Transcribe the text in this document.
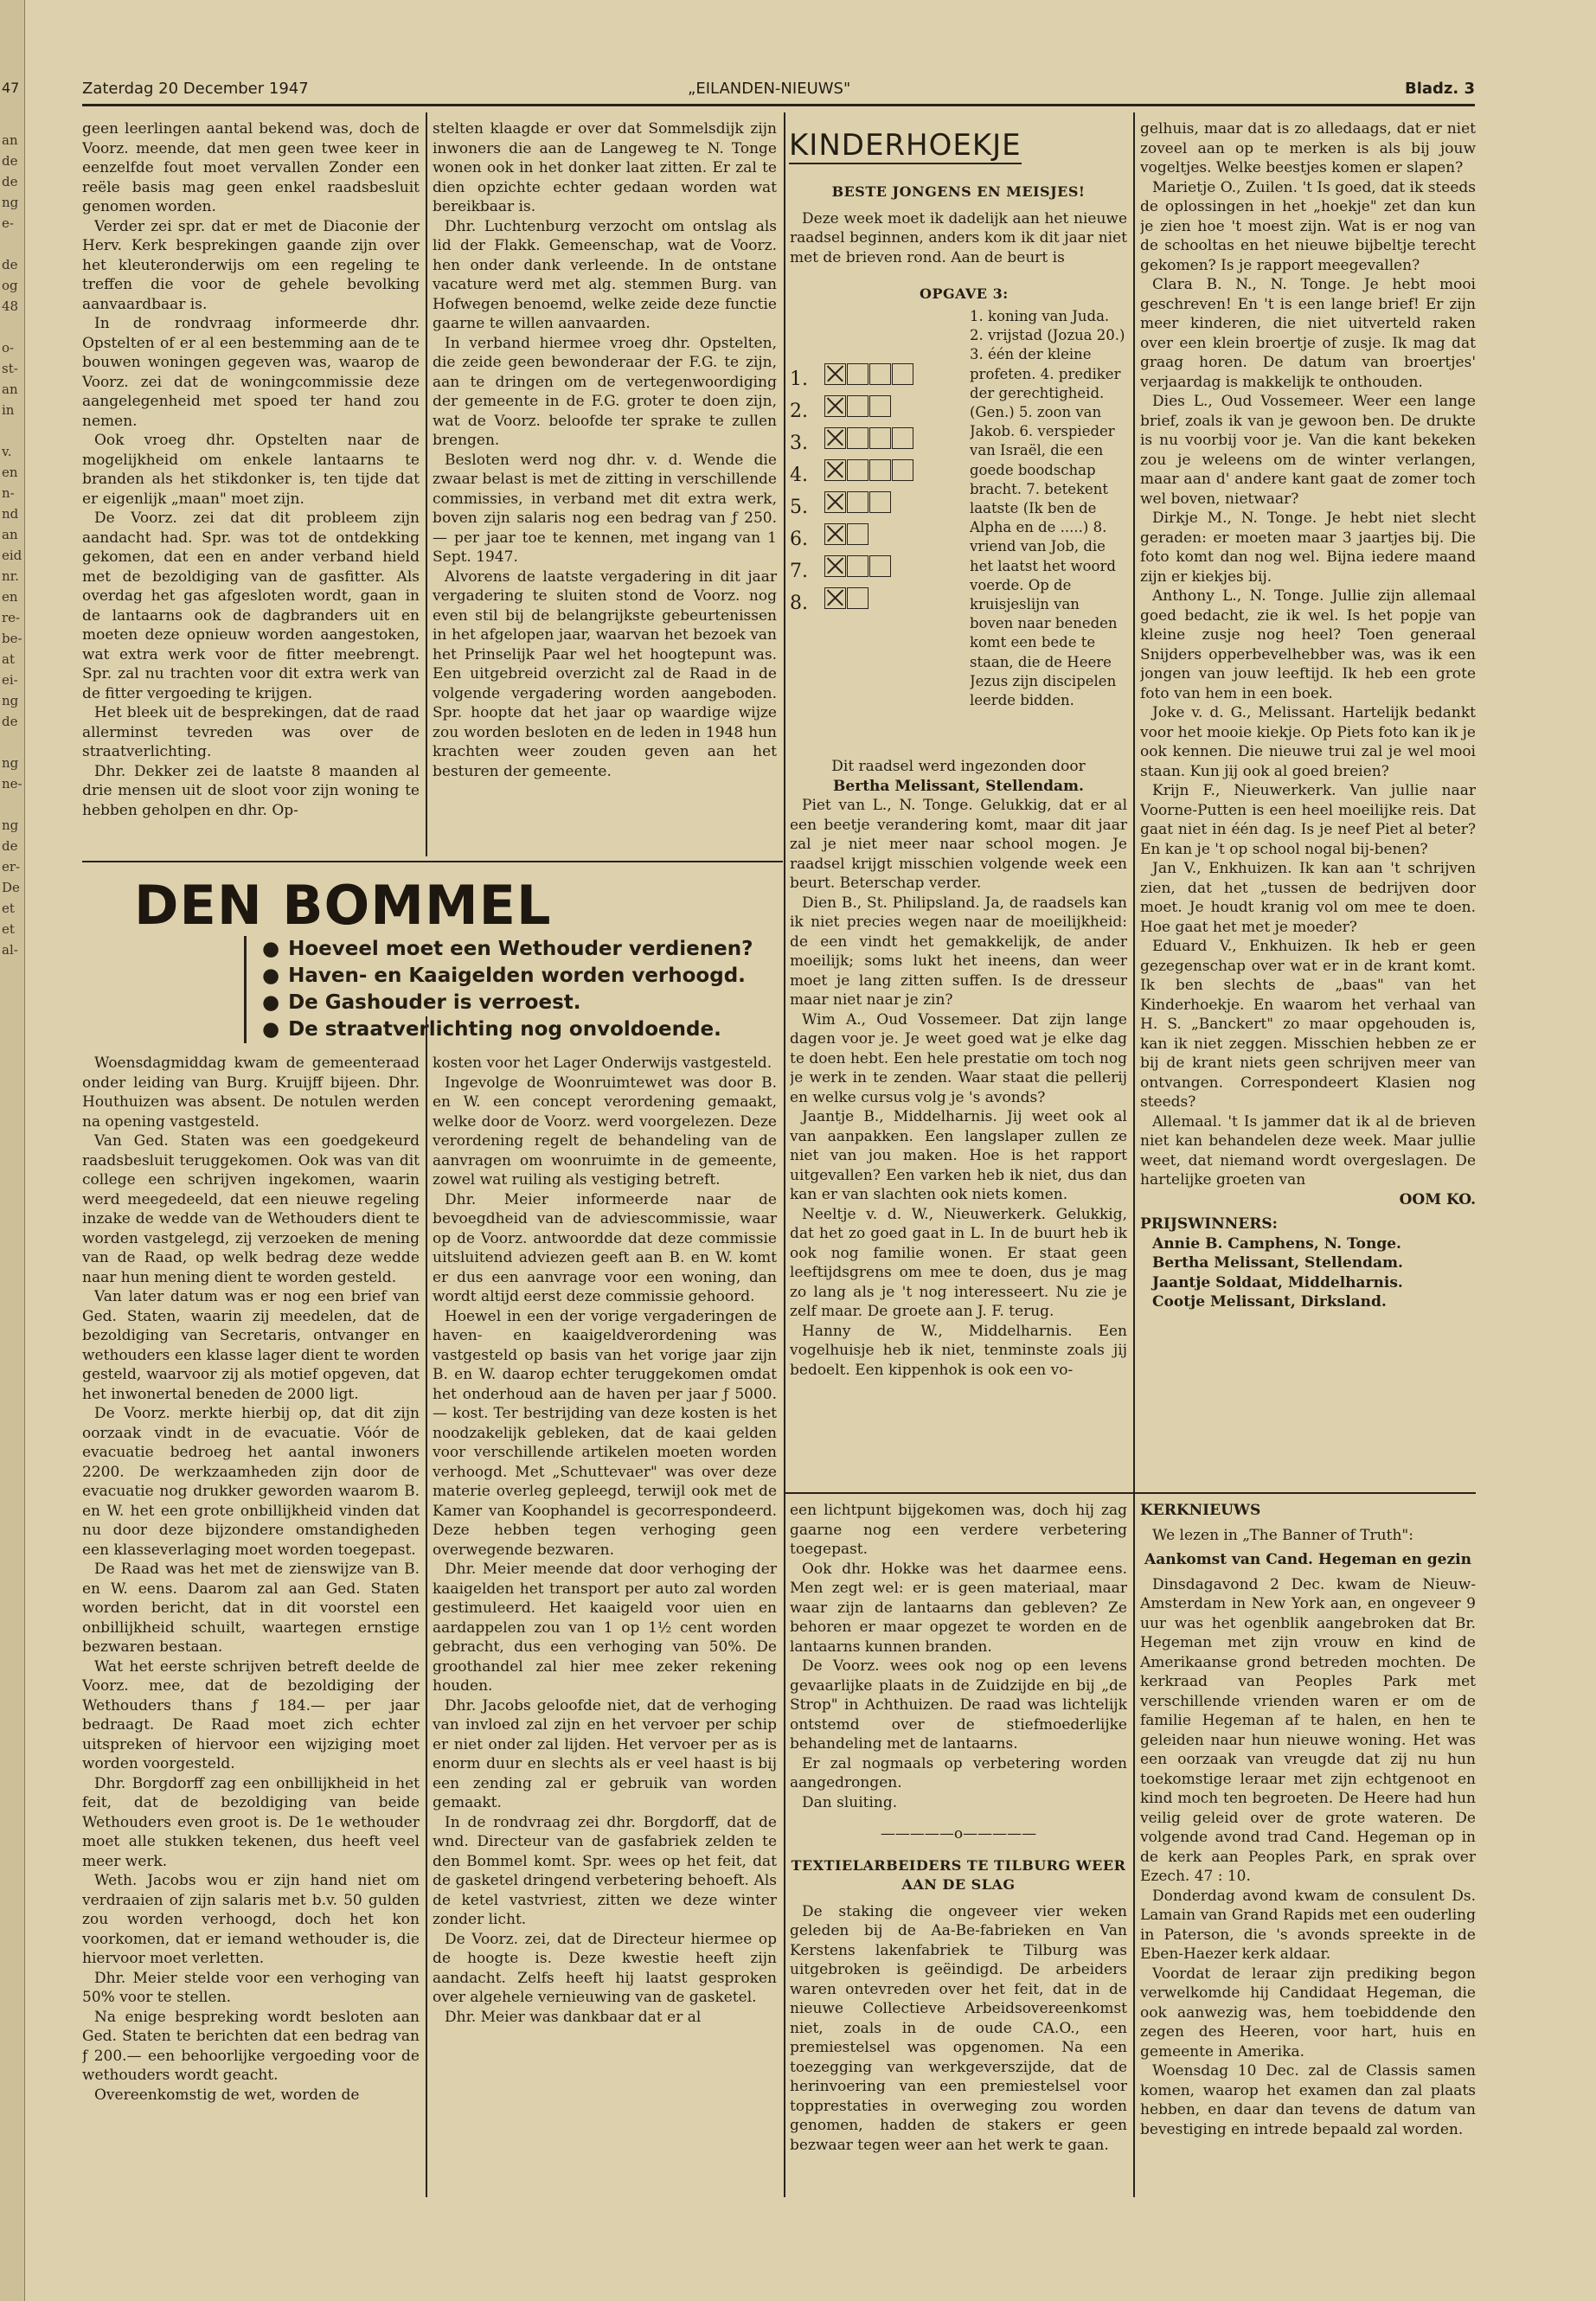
47
an
de
de
ng
e-

de
og
48

o-
st-
an
in

v.
en
n-
nd
an
eid
nr.
en
re-
be-
at
ei-
ng
de

ng
ne-

ng
de
er-
De
et
et
al-
Zaterdag 20 December 1947	„EILANDEN-NIEUWS"	Bladz. 3

geen leerlingen aantal bekend was, doch de Voorz. meende, dat men geen twee keer in eenzelfde fout moet vervallen Zonder een reële basis mag geen enkel raadsbesluit genomen worden.

Verder zei spr. dat er met de Diaconie der Herv. Kerk besprekingen gaande zijn over het kleuteronderwijs om een regeling te treffen die voor de gehele bevolking aanvaardbaar is.

In de rondvraag informeerde dhr. Opstelten of er al een bestemming aan de te bouwen woningen gegeven was, waarop de Voorz. zei dat de woningcommissie deze aangelegenheid met spoed ter hand zou nemen.

Ook vroeg dhr. Opstelten naar de mogelijkheid om enkele lantaarns te branden als het stikdonker is, ten tijde dat er eigenlijk „maan" moet zijn.

De Voorz. zei dat dit probleem zijn aandacht had. Spr. was tot de ontdekking gekomen, dat een en ander verband hield met de bezoldiging van de gasfitter. Als overdag het gas afgesloten wordt, gaan in de lantaarns ook de dagbranders uit en moeten deze opnieuw worden aangestoken, wat extra werk voor de fitter meebrengt. Spr. zal nu trachten voor dit extra werk van de fitter vergoeding te krijgen.

Het bleek uit de besprekingen, dat de raad allerminst tevreden was over de straatverlichting.

Dhr. Dekker zei de laatste 8 maanden al drie mensen uit de sloot voor zijn woning te hebben geholpen en dhr. Op-

stelten klaagde er over dat Sommelsdijk zijn inwoners die aan de Langeweg te N. Tonge wonen ook in het donker laat zitten. Er zal te dien opzichte echter gedaan worden wat bereikbaar is.

Dhr. Luchtenburg verzocht om ontslag als lid der Flakk. Gemeenschap, wat de Voorz. hen onder dank verleende. In de ontstane vacature werd met alg. stemmen Burg. van Hofwegen benoemd, welke zeide deze functie gaarne te willen aanvaarden.

In verband hiermee vroeg dhr. Opstelten, die zeide geen bewonderaar der F.G. te zijn, aan te dringen om de vertegenwoordiging der gemeente in de F.G. groter te doen zijn, wat de Voorz. beloofde ter sprake te zullen brengen.

Besloten werd nog dhr. v. d. Wende die zwaar belast is met de zitting in verschillende commissies, in verband met dit extra werk, boven zijn salaris nog een bedrag van ƒ 250.— per jaar toe te kennen, met ingang van 1 Sept. 1947.

Alvorens de laatste vergadering in dit jaar vergadering te sluiten stond de Voorz. nog even stil bij de belangrijkste gebeurtenissen in het afgelopen jaar, waarvan het bezoek van het Prinselijk Paar wel het hoogtepunt was. Een uitgebreid overzicht zal de Raad in de volgende vergadering worden aangeboden. Spr. hoopte dat het jaar op waardige wijze zou worden besloten en de leden in 1948 hun krachten weer zouden geven aan het besturen der gemeente.

DEN BOMMEL
● Hoeveel moet een Wethouder verdienen?
● Haven- en Kaaigelden worden verhoogd.
● De Gashouder is verroest.
● De straatverlichting nog onvoldoende.

Woensdagmiddag kwam de gemeenteraad onder leiding van Burg. Kruijff bijeen. Dhr. Houthuizen was absent. De notulen werden na opening vastgesteld.

Van Ged. Staten was een goedgekeurd raadsbesluit teruggekomen. Ook was van dit college een schrijven ingekomen, waarin werd meegedeeld, dat een nieuwe regeling inzake de wedde van de Wethouders dient te worden vastgelegd, zij verzoeken de mening van de Raad, op welk bedrag deze wedde naar hun mening dient te worden gesteld.

Van later datum was er nog een brief van Ged. Staten, waarin zij meedelen, dat de bezoldiging van Secretaris, ontvanger en wethouders een klasse lager dient te worden gesteld, waarvoor zij als motief opgeven, dat het inwonertal beneden de 2000 ligt.

De Voorz. merkte hierbij op, dat dit zijn oorzaak vindt in de evacuatie. Vóór de evacuatie bedroeg het aantal inwoners 2200. De werkzaamheden zijn door de evacuatie nog drukker geworden waarom B. en W. het een grote onbillijkheid vinden dat nu door deze bijzondere omstandigheden een klasseverlaging moet worden toegepast.

De Raad was het met de zienswijze van B. en W. eens. Daarom zal aan Ged. Staten worden bericht, dat in dit voorstel een onbillijkheid schuilt, waartegen ernstige bezwaren bestaan.

Wat het eerste schrijven betreft deelde de Voorz. mee, dat de bezoldiging der Wethouders thans ƒ 184.— per jaar bedraagt. De Raad moet zich echter uitspreken of hiervoor een wijziging moet worden voorgesteld.

Dhr. Borgdorff zag een onbillijkheid in het feit, dat de bezoldiging van beide Wethouders even groot is. De 1e wethouder moet alle stukken tekenen, dus heeft veel meer werk.

Weth. Jacobs wou er zijn hand niet om verdraaien of zijn salaris met b.v. 50 gulden zou worden verhoogd, doch het kon voorkomen, dat er iemand wethouder is, die hiervoor moet verletten.

Dhr. Meier stelde voor een verhoging van 50% voor te stellen.

Na enige bespreking wordt besloten aan Ged. Staten te berichten dat een bedrag van ƒ 200.— een behoorlijke vergoeding voor de wethouders wordt geacht.

Overeenkomstig de wet, worden de

kosten voor het Lager Onderwijs vastgesteld.

Ingevolge de Woonruimtewet was door B. en W. een concept verordening gemaakt, welke door de Voorz. werd voorgelezen. Deze verordening regelt de behandeling van de aanvragen om woonruimte in de gemeente, zowel wat ruiling als vestiging betreft.

Dhr. Meier informeerde naar de bevoegdheid van de adviescommissie, waar op de Voorz. antwoordde dat deze commissie uitsluitend adviezen geeft aan B. en W. komt er dus een aanvrage voor een woning, dan wordt altijd eerst deze commissie gehoord.

Hoewel in een der vorige vergaderingen de haven- en kaaigeldverordening was vastgesteld op basis van het vorige jaar zijn B. en W. daarop echter teruggekomen omdat het onderhoud aan de haven per jaar ƒ 5000.— kost. Ter bestrijding van deze kosten is het noodzakelijk gebleken, dat de kaai gelden voor verschillende artikelen moeten worden verhoogd. Met „Schuttevaer" was over deze materie overleg gepleegd, terwijl ook met de Kamer van Koophandel is gecorrespondeerd. Deze hebben tegen verhoging geen overwegende bezwaren.

Dhr. Meier meende dat door verhoging der kaaigelden het transport per auto zal worden gestimuleerd. Het kaaigeld voor uien en aardappelen zou van 1 op 1½ cent worden gebracht, dus een verhoging van 50%. De groothandel zal hier mee zeker rekening houden.

Dhr. Jacobs geloofde niet, dat de verhoging van invloed zal zijn en het vervoer per schip er niet onder zal lijden. Het vervoer per as is enorm duur en slechts als er veel haast is bij een zending zal er gebruik van worden gemaakt.

In de rondvraag zei dhr. Borgdorff, dat de wnd. Directeur van de gasfabriek zelden te den Bommel komt. Spr. wees op het feit, dat de gasketel dringend verbetering behoeft. Als de ketel vastvriest, zitten we deze winter zonder licht.

De Voorz. zei, dat de Directeur hiermee op de hoogte is. Deze kwestie heeft zijn aandacht. Zelfs heeft hij laatst gesproken over algehele vernieuwing van de gasketel.

Dhr. Meier was dankbaar dat er al

KINDERHOEKJE
BESTE JONGENS EN MEISJES!

Deze week moet ik dadelijk aan het nieuwe raadsel beginnen, anders kom ik dit jaar niet met de brieven rond. Aan de beurt is

OPGAVE 3:
1.
2.
3.
4.
5.
6.
7.
8.
1. koning van Juda. 2. vrijstad (Jozua 20.) 3. één der kleine profeten. 4. prediker der gerechtigheid. (Gen.) 5. zoon van Jakob. 6. verspieder van Israël, die een goede boodschap bracht. 7. betekent laatste (Ik ben de Alpha en de .....) 8. vriend van Job, die het laatst het woord voerde. Op de kruisjeslijn van boven naar beneden komt een bede te staan, die de Heere Jezus zijn discipelen leerde bidden.

Dit raadsel werd ingezonden door

Bertha Melissant, Stellendam.

Piet van L., N. Tonge. Gelukkig, dat er al een beetje verandering komt, maar dit jaar zal je niet meer naar school mogen. Je raadsel krijgt misschien volgende week een beurt. Beterschap verder.

Dien B., St. Philipsland. Ja, de raadsels kan ik niet precies wegen naar de moeilijkheid: de een vindt het gemakkelijk, de ander moeilijk; soms lukt het ineens, dan weer moet je lang zitten suffen. Is de dresseur maar niet naar je zin?

Wim A., Oud Vossemeer. Dat zijn lange dagen voor je. Je weet goed wat je elke dag te doen hebt. Een hele prestatie om toch nog je werk in te zenden. Waar staat die pellerij en welke cursus volg je 's avonds?

Jaantje B., Middelharnis. Jij weet ook al van aanpakken. Een langslaper zullen ze niet van jou maken. Hoe is het rapport uitgevallen? Een varken heb ik niet, dus dan kan er van slachten ook niets komen.

Neeltje v. d. W., Nieuwerkerk. Gelukkig, dat het zo goed gaat in L. In de buurt heb ik ook nog familie wonen. Er staat geen leeftijdsgrens om mee te doen, dus je mag zo lang als je 't nog interesseert. Nu zie je zelf maar. De groete aan J. F. terug.

Hanny de W., Middelharnis. Een vogelhuisje heb ik niet, tenminste zoals jij bedoelt. Een kippenhok is ook een vo-

gelhuis, maar dat is zo alledaags, dat er niet zoveel aan op te merken is als bij jouw vogeltjes. Welke beestjes komen er slapen?

Marietje O., Zuilen. 't Is goed, dat ik steeds de oplossingen in het „hoekje" zet dan kun je zien hoe 't moest zijn. Wat is er nog van de schooltas en het nieuwe bijbeltje terecht gekomen? Is je rapport meegevallen?

Clara B. N., N. Tonge. Je hebt mooi geschreven! En 't is een lange brief! Er zijn meer kinderen, die niet uitverteld raken over een klein broertje of zusje. Ik mag dat graag horen. De datum van broertjes' verjaardag is makkelijk te onthouden.

Dies L., Oud Vossemeer. Weer een lange brief, zoals ik van je gewoon ben. De drukte is nu voorbij voor je. Van die kant bekeken zou je weleens om de winter verlangen, maar aan d' andere kant gaat de zomer toch wel boven, nietwaar?

Dirkje M., N. Tonge. Je hebt niet slecht geraden: er moeten maar 3 jaartjes bij. Die foto komt dan nog wel. Bijna iedere maand zijn er kiekjes bij.

Anthony L., N. Tonge. Jullie zijn allemaal goed bedacht, zie ik wel. Is het popje van kleine zusje nog heel? Toen generaal Snijders opperbevelhebber was, was ik een jongen van jouw leeftijd. Ik heb een grote foto van hem in een boek.

Joke v. d. G., Melissant. Hartelijk bedankt voor het mooie kiekje. Op Piets foto kan ik je ook kennen. Die nieuwe trui zal je wel mooi staan. Kun jij ook al goed breien?

Krijn F., Nieuwerkerk. Van jullie naar Voorne-Putten is een heel moeilijke reis. Dat gaat niet in één dag. Is je neef Piet al beter? En kan je 't op school nogal bij-benen?

Jan V., Enkhuizen. Ik kan aan 't schrijven zien, dat het „tussen de bedrijven door moet. Je houdt kranig vol om mee te doen. Hoe gaat het met je moeder?

Eduard V., Enkhuizen. Ik heb er geen gezegenschap over wat er in de krant komt. Ik ben slechts de „baas" van het Kinderhoekje. En waarom het verhaal van H. S. „Banckert" zo maar opgehouden is, kan ik niet zeggen. Misschien hebben ze er bij de krant niets geen schrijven meer van ontvangen. Correspondeert Klasien nog steeds?

Allemaal. 't Is jammer dat ik al de brieven niet kan behandelen deze week. Maar jullie weet, dat niemand wordt overgeslagen. De hartelijke groeten van

OOM KO.

PRIJSWINNERS:

Annie B. Camphens, N. Tonge.

Bertha Melissant, Stellendam.

Jaantje Soldaat, Middelharnis.

Cootje Melissant, Dirksland.

een lichtpunt bijgekomen was, doch hij zag gaarne nog een verdere verbetering toegepast.

Ook dhr. Hokke was het daarmee eens. Men zegt wel: er is geen materiaal, maar waar zijn de lantaarns dan gebleven? Ze behoren er maar opgezet te worden en de lantaarns kunnen branden.

De Voorz. wees ook nog op een levens gevaarlijke plaats in de Zuidzijde en bij „de Strop" in Achthuizen. De raad was lichtelijk ontstemd over de stiefmoederlijke behandeling met de lantaarns.

Er zal nogmaals op verbetering worden aangedrongen.

Dan sluiting.

—————o—————

TEXTIELARBEIDERS TE TILBURG WEER AAN DE SLAG

De staking die ongeveer vier weken geleden bij de Aa-Be-fabrieken en Van Kerstens lakenfabriek te Tilburg was uitgebroken is geëindigd. De arbeiders waren ontevreden over het feit, dat in de nieuwe Collectieve Arbeidsovereenkomst niet, zoals in de oude CA.O., een premiestelsel was opgenomen. Na een toezegging van werkgeverszijde, dat de herinvoering van een premiestelsel voor topprestaties in overweging zou worden genomen, hadden de stakers er geen bezwaar tegen weer aan het werk te gaan.

KERKNIEUWS

We lezen in „The Banner of Truth":

Aankomst van Cand. Hegeman en gezin

Dinsdagavond 2 Dec. kwam de Nieuw-Amsterdam in New York aan, en ongeveer 9 uur was het ogenblik aangebroken dat Br. Hegeman met zijn vrouw en kind de Amerikaanse grond betreden mochten. De kerkraad van Peoples Park met verschillende vrienden waren er om de familie Hegeman af te halen, en hen te geleiden naar hun nieuwe woning. Het was een oorzaak van vreugde dat zij nu hun toekomstige leraar met zijn echtgenoot en kind moch ten begroeten. De Heere had hun veilig geleid over de grote wateren. De volgende avond trad Cand. Hegeman op in de kerk aan Peoples Park, en sprak over Ezech. 47 : 10.

Donderdag avond kwam de consulent Ds. Lamain van Grand Rapids met een ouderling in Paterson, die 's avonds spreekte in de Eben-Haezer kerk aldaar.

Voordat de leraar zijn prediking begon verwelkomde hij Candidaat Hegeman, die ook aanwezig was, hem toebiddende den zegen des Heeren, voor hart, huis en gemeente in Amerika.

Woensdag 10 Dec. zal de Classis samen komen, waarop het examen dan zal plaats hebben, en daar dan tevens de datum van bevestiging en intrede bepaald zal worden.
